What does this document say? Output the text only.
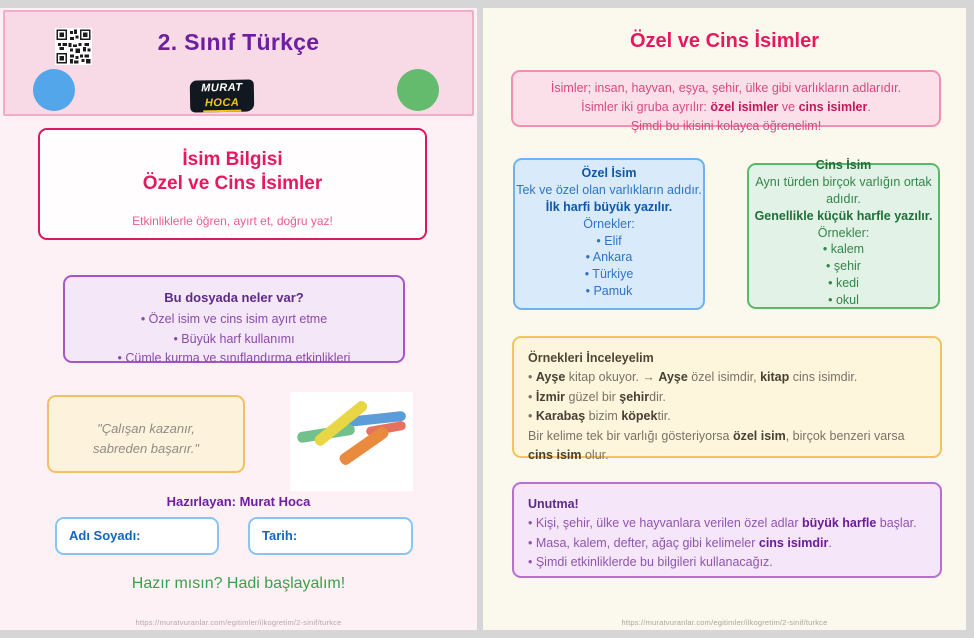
2. Sınıf Türkçe
MURAT
HOCA
İsim Bilgisi
Özel ve Cins İsimler
Etkinliklerle öğren, ayırt et, doğru yaz!
Bu dosyada neler var?
• Özel isim ve cins isim ayırt etme
• Büyük harf kullanımı
• Cümle kurma ve sınıflandırma etkinlikleri
"Çalışan kazanır,
sabreden başarır."
Hazırlayan: Murat Hoca
Adı Soyadı:	Tarih:
Hazır mısın? Hadi başlayalım!
https://muratvuranlar.com/egitimler/ilkogretim/2-sinif/turkce
Özel ve Cins İsimler
İsimler; insan, hayvan, eşya, şehir, ülke gibi varlıkların adlarıdır.
İsimler iki gruba ayrılır: özel isimler ve cins isimler.
Şimdi bu ikisini kolayca öğrenelim!
Özel İsim
Tek ve özel olan varlıkların adıdır.
İlk harfi büyük yazılır.
Örnekler:
• Elif
• Ankara
• Türkiye
• Pamuk
Cins İsim
Aynı türden birçok varlığın ortak adıdır.
Genellikle küçük harfle yazılır.
Örnekler:
• kalem
• şehir
• kedi
• okul
Örnekleri İnceleyelim
• Ayşe kitap okuyor. → Ayşe özel isimdir, kitap cins isimdir.
• İzmir güzel bir şehirdir.
• Karabaş bizim köpektir.
Bir kelime tek bir varlığı gösteriyorsa özel isim, birçok benzeri varsa cins isim olur.
Unutma!
• Kişi, şehir, ülke ve hayvanlara verilen özel adlar büyük harfle başlar.
• Masa, kalem, defter, ağaç gibi kelimeler cins isimdir.
• Şimdi etkinliklerde bu bilgileri kullanacağız.
https://muratvuranlar.com/egitimler/ilkogretim/2-sinif/turkce
